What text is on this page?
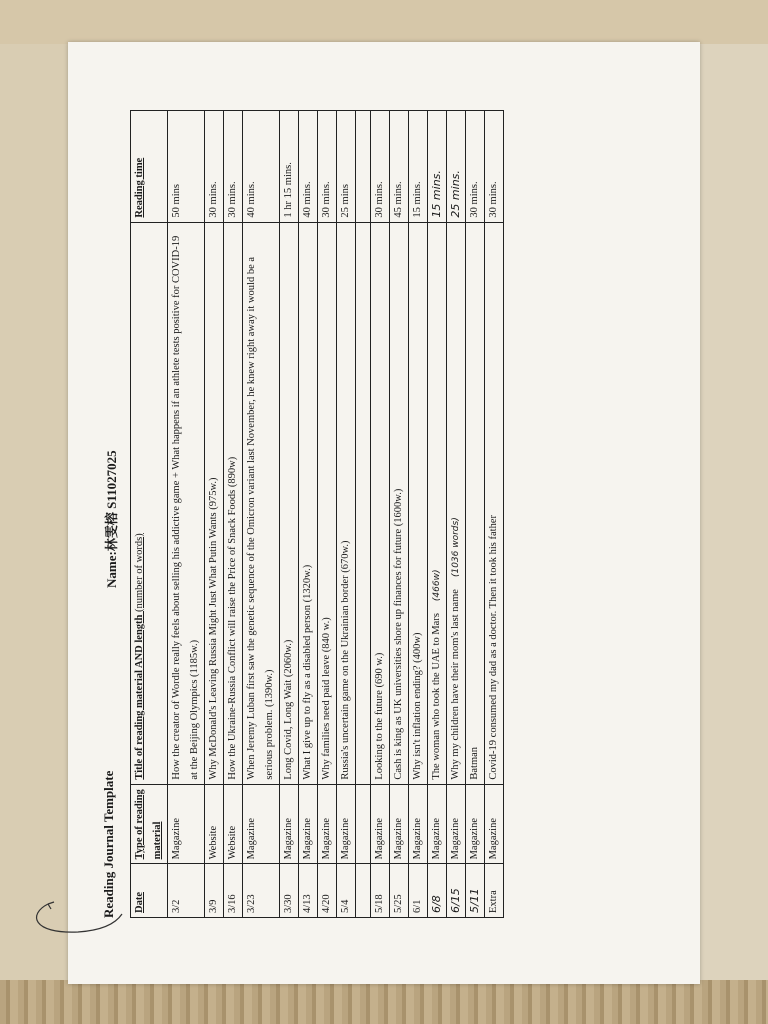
Reading Journal Template
Name:林雯榕 S11027025
Date	Type of reading material	Title of reading material AND length (number of words)	Reading time
3/2	Magazine	How the creator of Wordle really feels about selling his addictive game + What happens if an athlete tests positive for COVID-19 at the Beijing Olympics (1185w.)	50 mins
3/9	Website	Why McDonald's Leaving Russia Might Just What Putin Wants (975w.)	30 mins.
3/16	Website	How the Ukraine-Russia Conflict will raise the Price of Snack Foods (890w)	30 mins.
3/23	Magazine	When Jeremy Luban first saw the genetic sequence of the Omicron variant last November, he knew right away it would be a serious problem. (1390w.)	40 mins.
3/30	Magazine	Long Covid, Long Wait (2060w.)	1 hr 15 mins.
4/13	Magazine	What I give up to fly as a disabled person (1320w.)	40 mins.
4/20	Magazine	Why families need paid leave (840 w.)	30 mins.
5/4	Magazine	Russia's uncertain game on the Ukrainian border (670w.)	25 mins

5/18	Magazine	Looking to the future (690 w.)	30 mins.
5/25	Magazine	Cash is king as UK universities shore up finances for future (1600w.)	45 mins.
6/1	Magazine	Why isn't inflation ending? (400w)	15 mins.
6/8	Magazine	The woman who took the UAE to Mars(466w)	15 mins.
6/15	Magazine	Why my children have their mom's last name(1036 words)	25 mins.
5/11	Magazine	Batman	30 mins.
Extra	Magazine	Covid-19 consumed my dad as a doctor. Then it took his father	30 mins.
